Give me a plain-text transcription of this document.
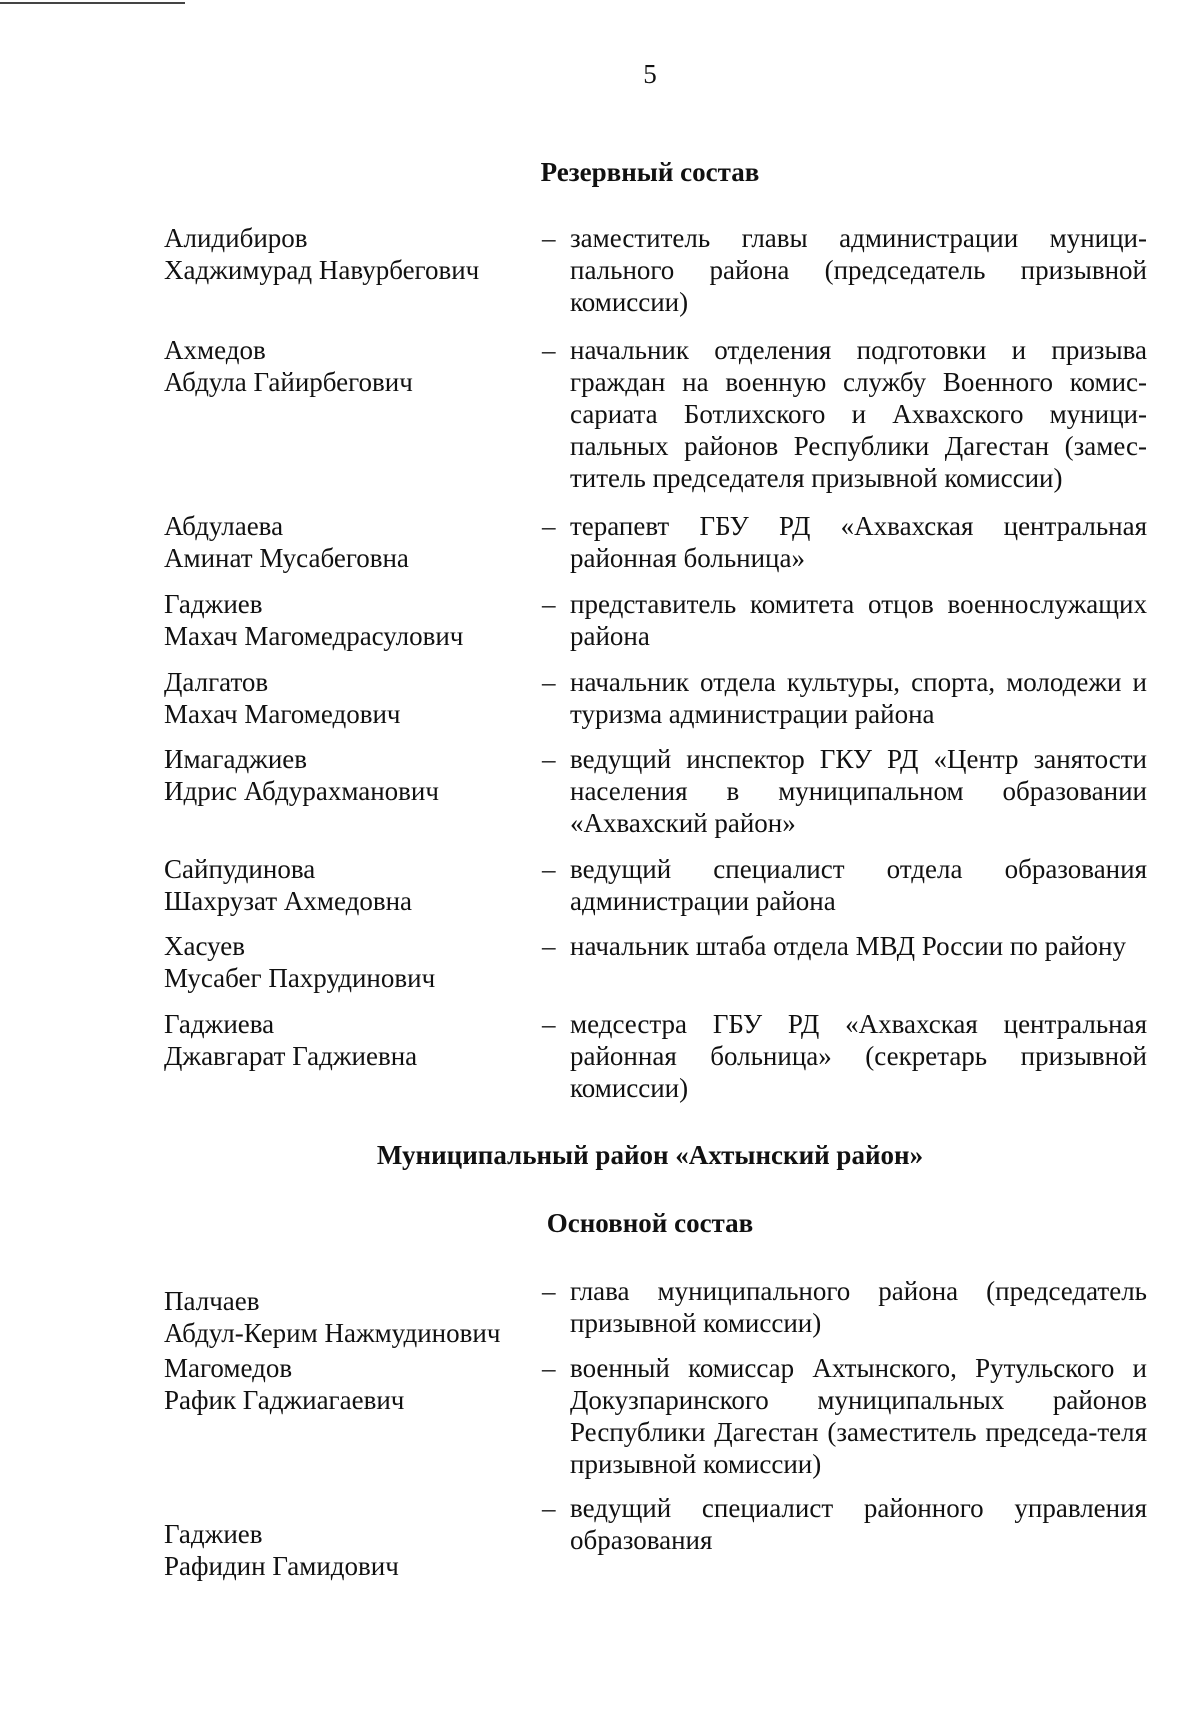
5
Резервный состав

Алидибиров
Хаджимурад Навурбегович

– заместитель главы администрации муници-пального района (председатель призывной комиссии)

Ахмедов
Абдула Гайирбегович

– начальник отделения подготовки и призыва граждан на военную службу Военного комис-сариата Ботлихского и Ахвахского муници-пальных районов Республики Дагестан (замес-титель председателя призывной комиссии)

Абдулаева
Аминат Мусабеговна

– терапевт ГБУ РД «Ахвахская центральная районная больница»

Гаджиев
Махач Магомедрасулович

– представитель комитета отцов военнослужащих района

Далгатов
Махач Магомедович

– начальник отдела культуры, спорта, молодежи и туризма администрации района

Имагаджиев
Идрис Абдурахманович

– ведущий инспектор ГКУ РД «Центр занятости населения в муниципальном образовании «Ахвахский район»

Сайпудинова
Шахрузат Ахмедовна

– ведущий специалист отдела образования администрации района

Хасуев
Мусабег Пахрудинович

– начальник штаба отдела МВД России по району

Гаджиева
Джавгарат Гаджиевна

– медсестра ГБУ РД «Ахвахская центральная районная больница» (секретарь призывной комиссии)

Муниципальный район «Ахтынский район»
Основной состав

Палчаев
Абдул-Керим Нажмудинович

– глава муниципального района (председатель призывной комиссии)

Магомедов
Рафик Гаджиагаевич

– военный комиссар Ахтынского, Рутульского и Докузпаринского муниципальных районов Республики Дагестан (заместитель председа-теля призывной комиссии)

Гаджиев
Рафидин Гамидович

– ведущий специалист районного управления образования
